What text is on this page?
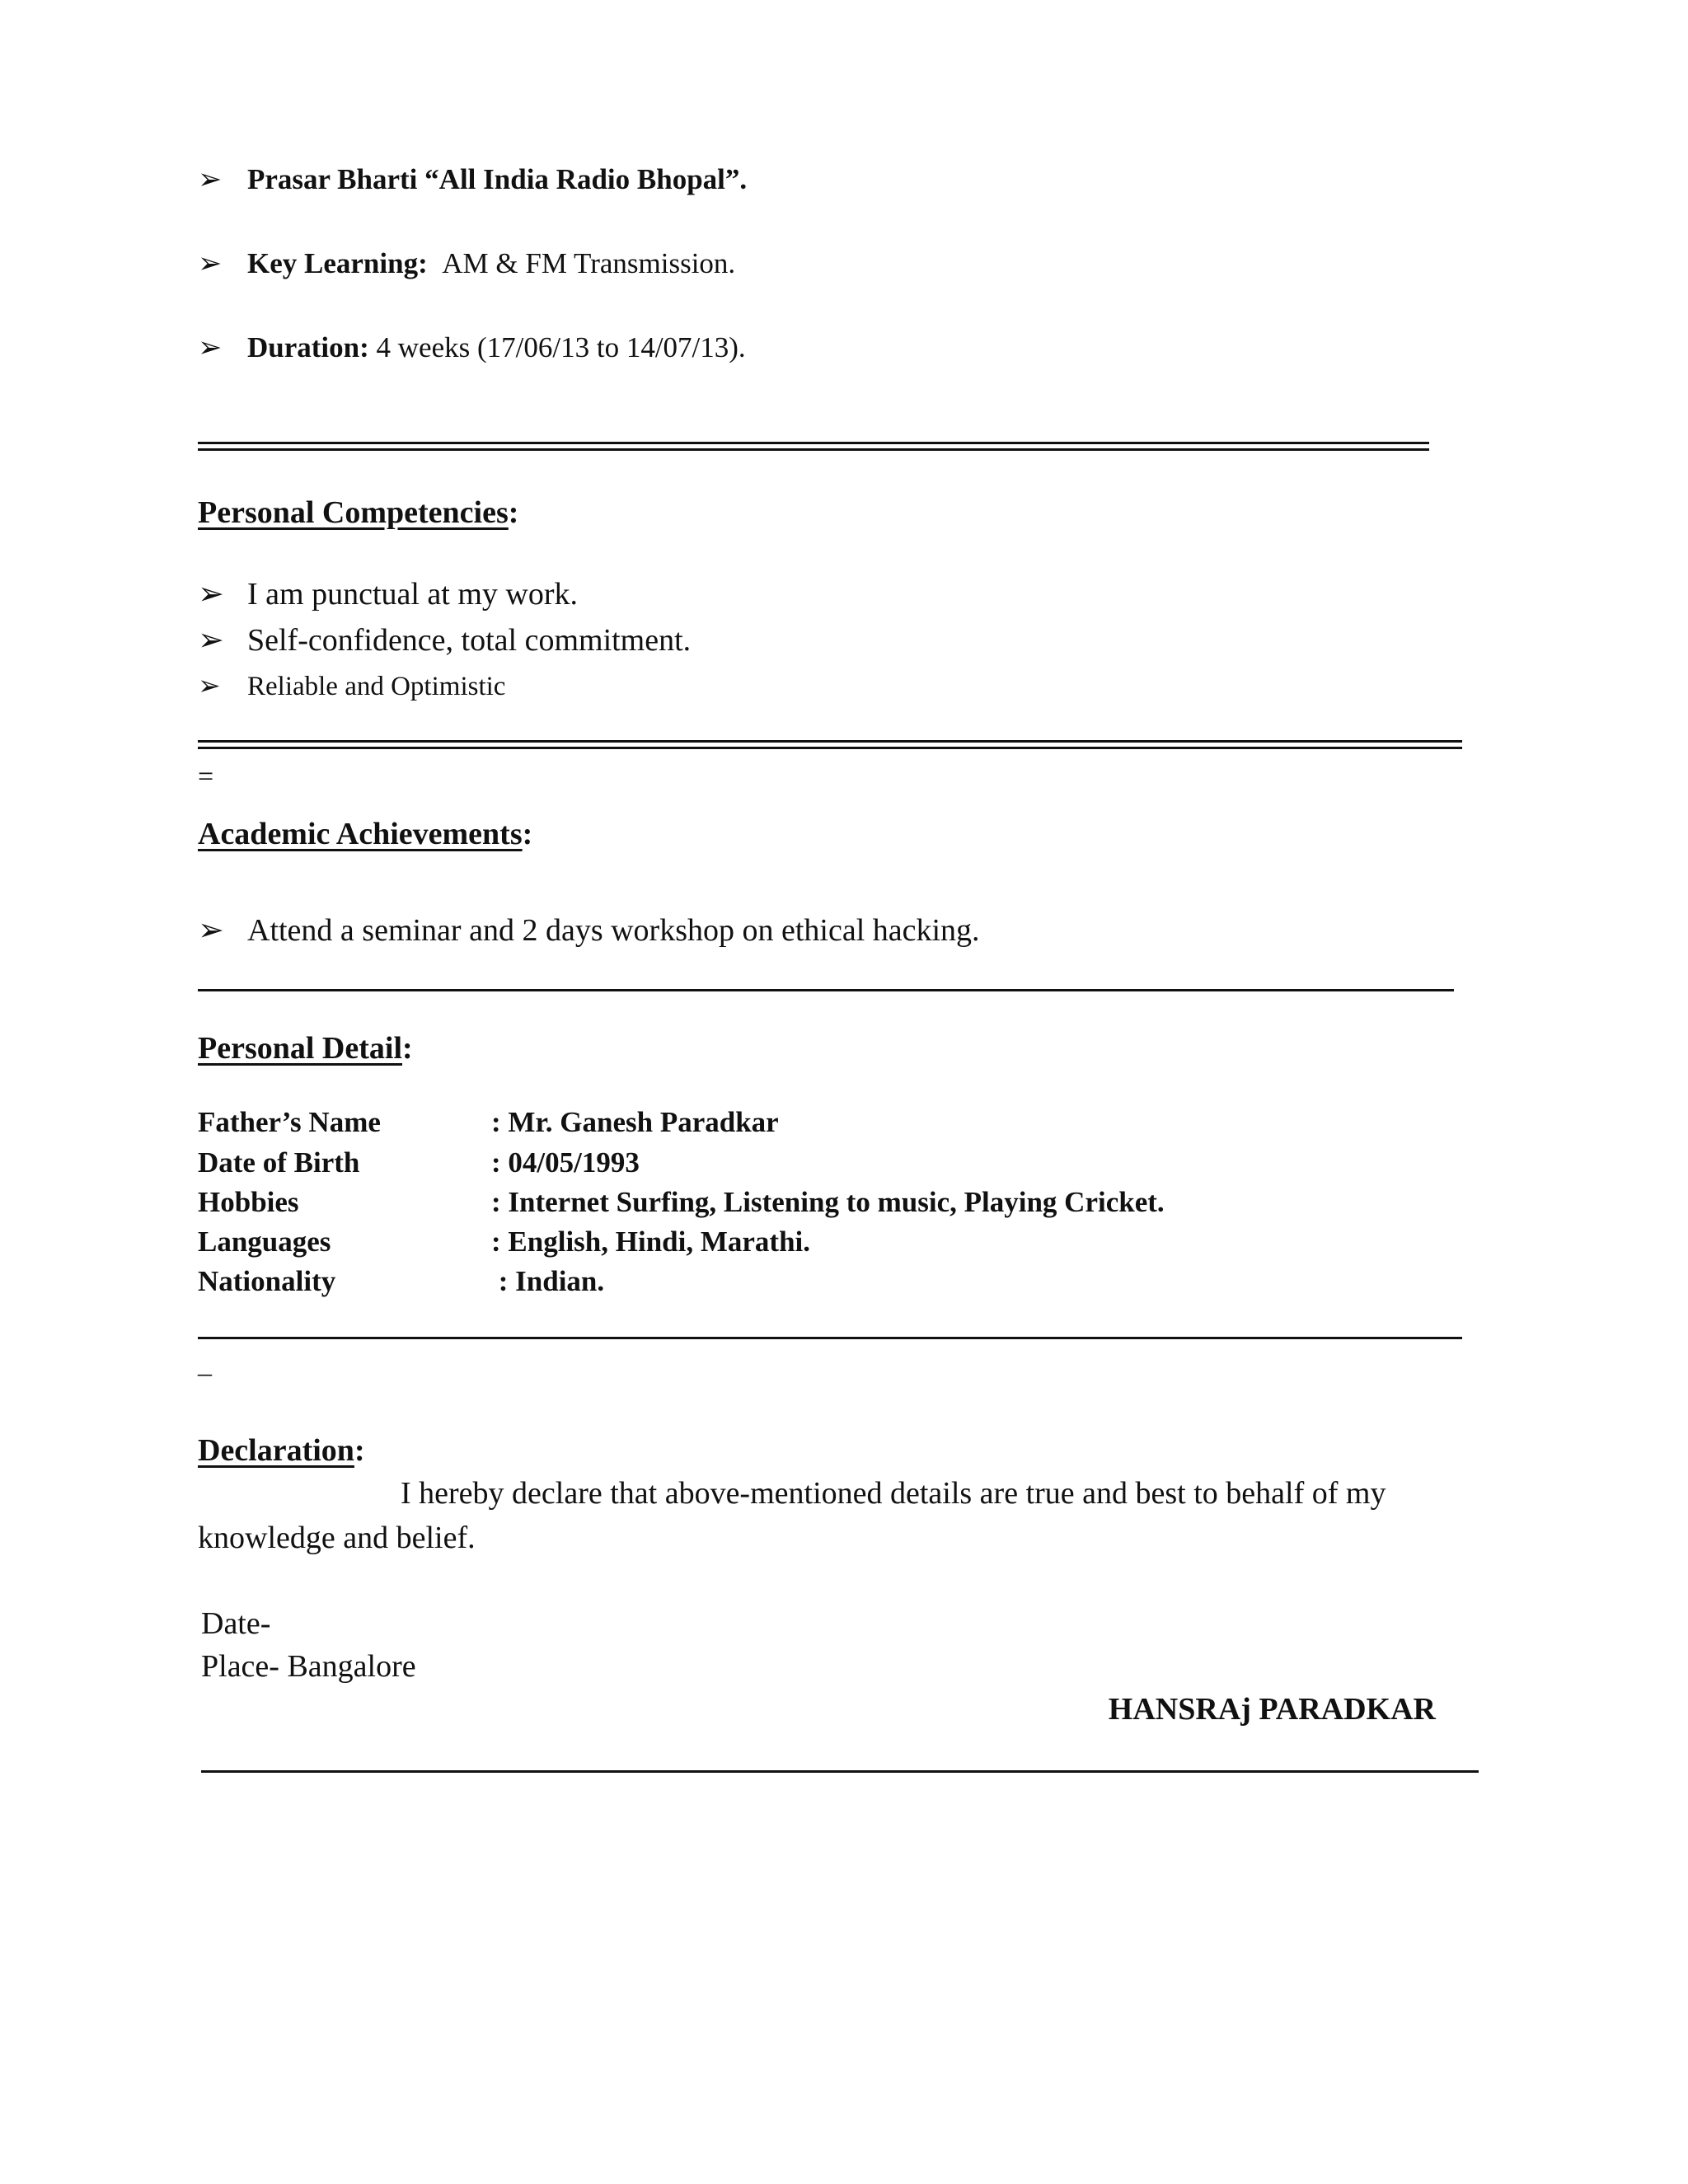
➢ Prasar Bharti “All India Radio Bhopal”.
➢ Key Learning: AM & FM Transmission.
➢ Duration: 4 weeks (17/06/13 to 14/07/13).
Personal Competencies:
➢ I am punctual at my work.
➢ Self-confidence, total commitment.
➢ Reliable and Optimistic
=
Academic Achievements:
➢ Attend a seminar and 2 days workshop on ethical hacking.
Personal Detail:
Father’s Name	: Mr. Ganesh Paradkar
Date of Birth	: 04/05/1993
Hobbies	: Internet Surfing, Listening to music, Playing Cricket.
Languages	: English, Hindi, Marathi.
Nationality	: Indian.
_
Declaration:
I hereby declare that above-mentioned details are true and best to behalf of my
knowledge and belief.
Date-
Place- Bangalore
HANSRAj PARADKAR
